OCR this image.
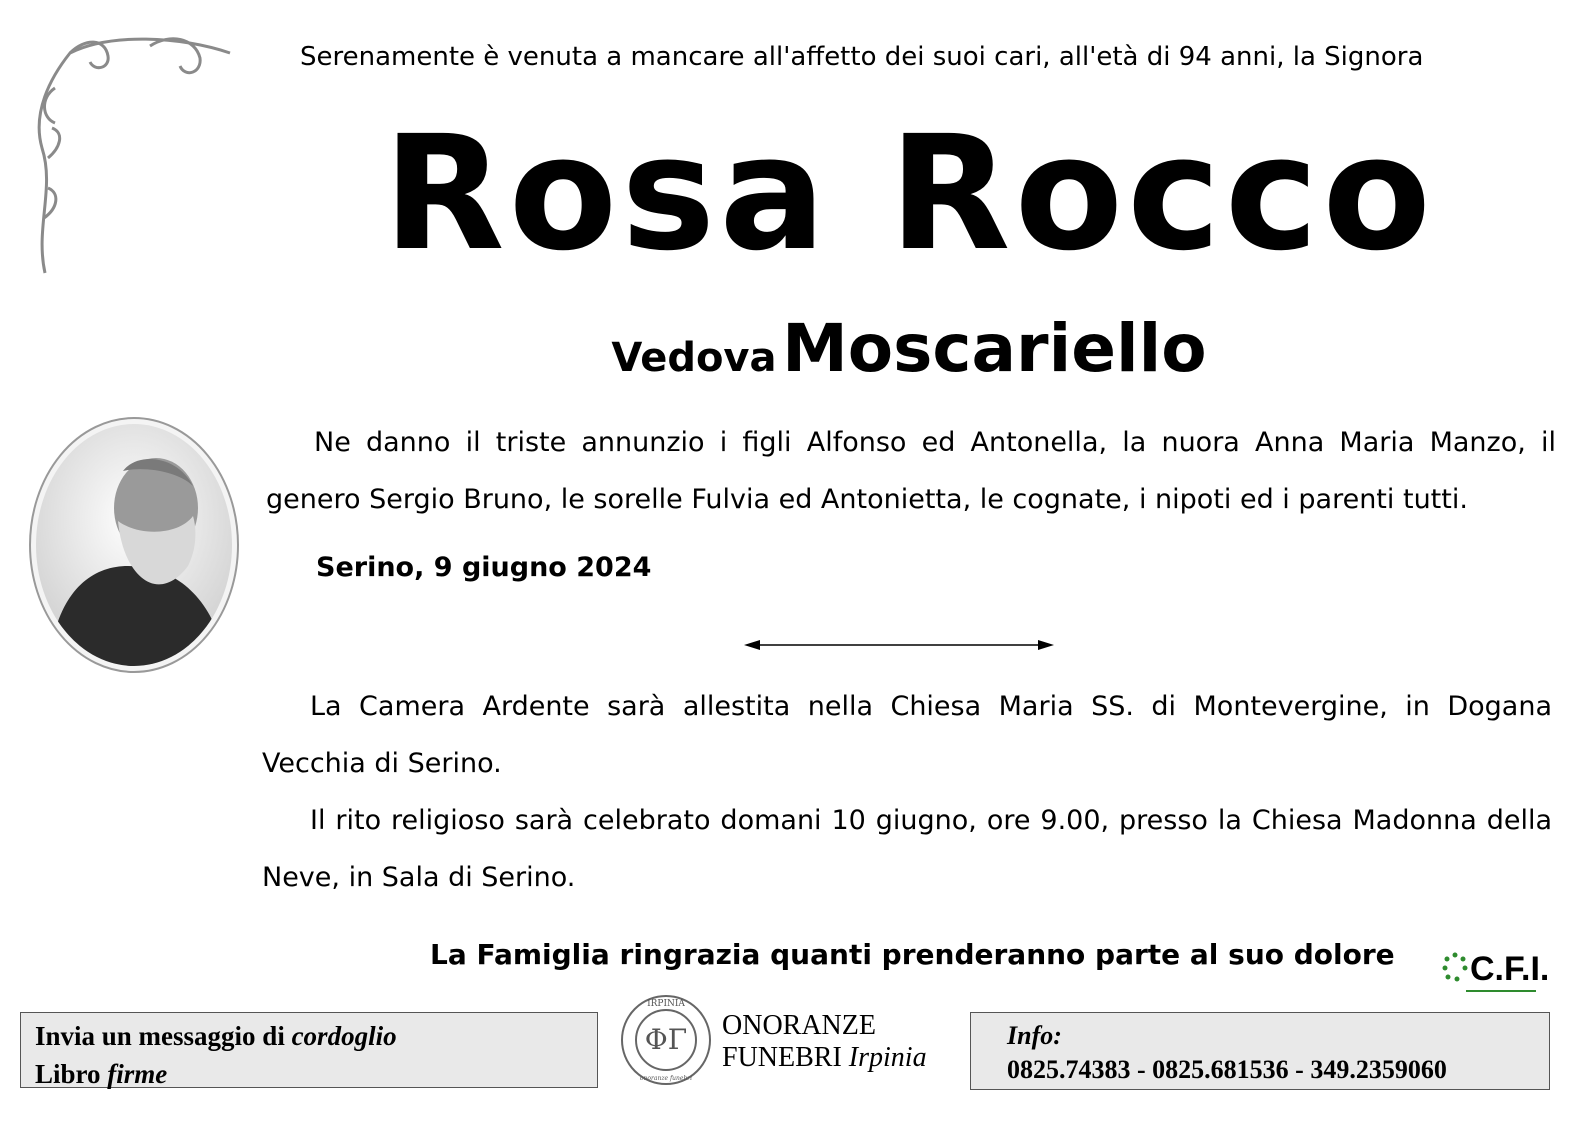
Serenamente è venuta a mancare all'affetto dei suoi cari, all'età di 94 anni, la Signora
Rosa Rocco
Vedova Moscariello
Ne danno il triste annunzio i figli Alfonso ed Antonella, la nuora Anna Maria Manzo, il genero Sergio Bruno, le sorelle Fulvia ed Antonietta, le cognate, i nipoti ed i parenti tutti.
Serino, 9 giugno 2024
La Camera Ardente sarà allestita nella Chiesa Maria SS. di Montevergine, in Dogana Vecchia di Serino.
Il rito religioso sarà celebrato domani 10 giugno, ore 9.00, presso la Chiesa Madonna della Neve, in Sala di Serino.
La Famiglia ringrazia quanti prenderanno parte al suo dolore C.F.I.
Invia un messaggio di cordoglio
Libro firme
IRPINIA
ΦΓ
onoranze funebri
ONORANZE
FUNEBRI Irpinia
Info:
0825.74383 - 0825.681536 - 349.2359060
